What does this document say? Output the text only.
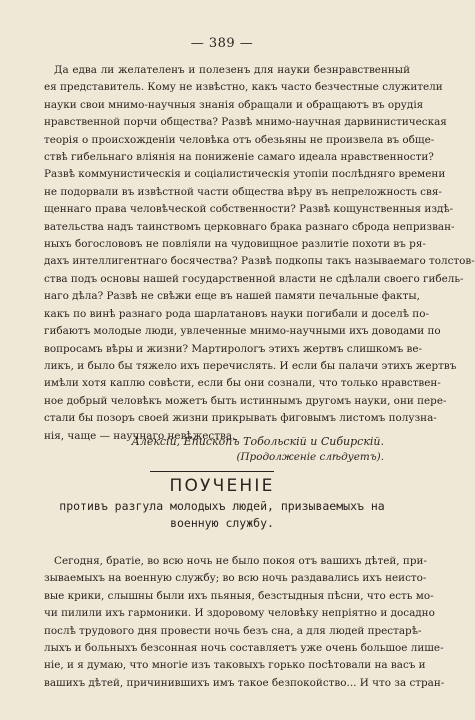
— 389 —
Да едва ли желателенъ и полезенъ для науки безнравственный
ея представитель. Кому не извѣстно, какъ часто безчестные служители
науки свои мнимо-научныя знанія обращали и обращаютъ въ орудія
нравственной порчи общества? Развѣ мнимо-научная дарвинистическая
теорія о происхожденіи человѣка отъ обезьяны не произвела въ обще-
ствѣ гибельнаго вліянія на пониженіе самаго идеала нравственности?
Развѣ коммунистическія и соціалистическія утопіи послѣдняго времени
не подорвали въ извѣстной части общества вѣру въ непреложность свя-
щеннаго права человѣческой собственности? Развѣ кощунственныя издѣ-
вательства надъ таинствомъ церковнаго брака разнаго сброда непризван-
ныхъ богослововъ не повліяли на чудовищное разлитіе похоти въ ря-
дахъ интеллигентнаго босячества? Развѣ подкопы такъ называемаго толстов-
ства подъ основы нашей государственной власти не сдѣлали своего гибель-
наго дѣла? Развѣ не свѣжи еще въ нашей памяти печальные факты,
какъ по винѣ разнаго рода шарлатановъ науки погибали и доселѣ по-
гибаютъ молодые люди, увлеченные мнимо-научными ихъ доводами по
вопросамъ вѣры и жизни? Мартирологъ этихъ жертвъ слишкомъ ве-
ликъ, и было бы тяжело ихъ перечислять. И если бы палачи этихъ жертвъ
имѣли хотя каплю совѣсти, если бы они сознали, что только нравствен-
ное добрый человѣкъ можетъ быть истиннымъ другомъ науки, они пере-
стали бы позоръ своей жизни прикрывать фиговымъ листомъ полузна-
нія, чаще — научнаго невѣжества.
Алексій, Епископъ Тобольскій и Сибирскій.
(Продолженіе слѣдуетъ).
ПОУЧЕНІЕ
противъ разгула молодыхъ людей, призываемыхъ на
военную службу.
Сегодня, братіе, во всю ночь не было покоя отъ вашихъ дѣтей, при-
зываемыхъ на военную службу; во всю ночь раздавались ихъ неисто-
вые крики, слышны были ихъ пьяныя, безстыдныя пѣсни, что есть мо-
чи пилили ихъ гармоники. И здоровому человѣку непріятно и досадно
послѣ трудового дня провести ночь безъ сна, а для людей престарѣ-
лыхъ и больныхъ безсонная ночь составляетъ уже очень большое лише-
ніе, и я думаю, что многіе изъ таковыхъ горько посѣтовали на васъ и
вашихъ дѣтей, причинившихъ имъ такое безпокойство... И что за стран-
